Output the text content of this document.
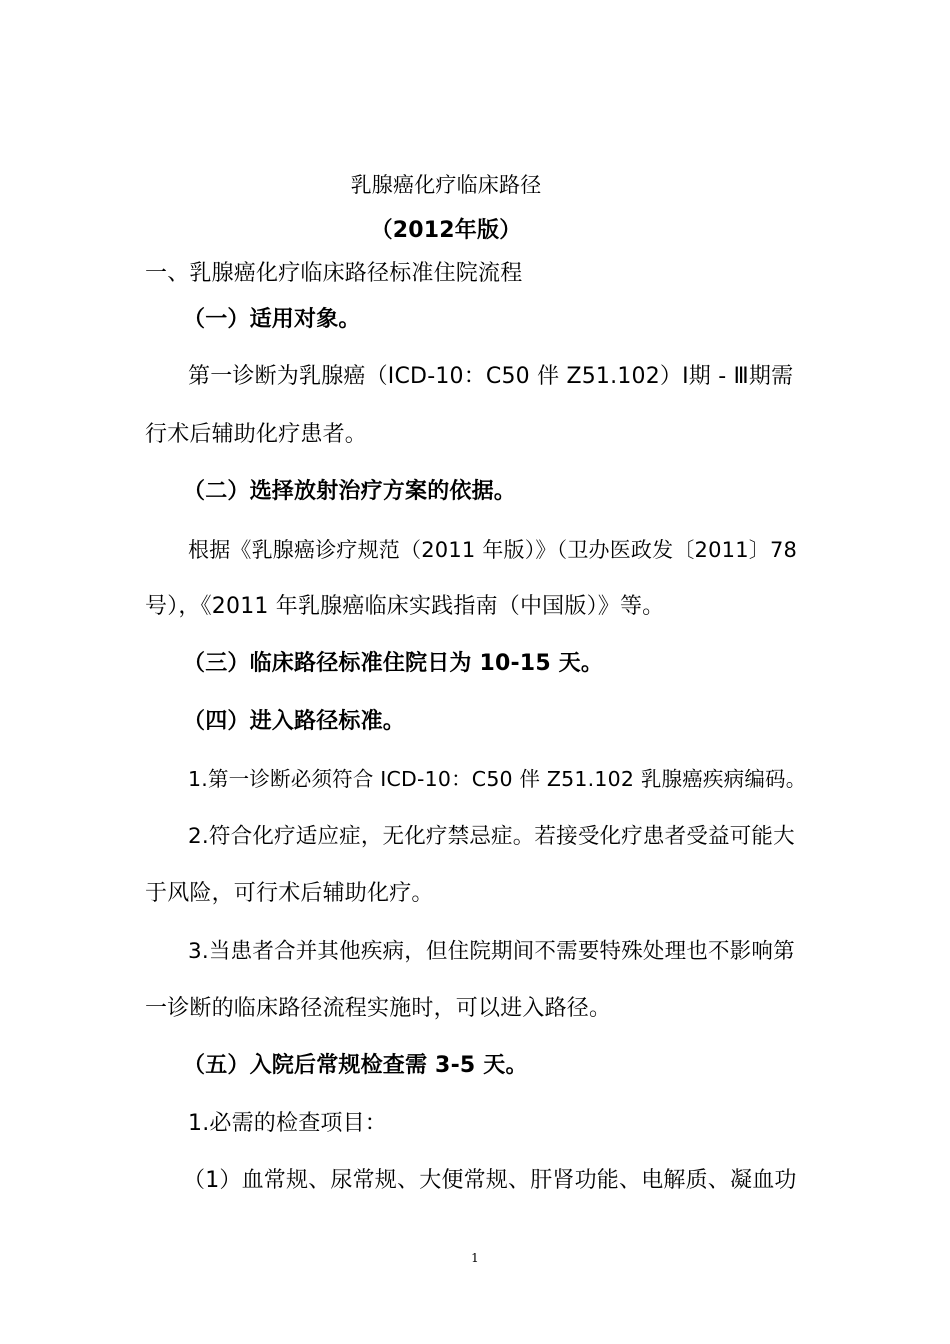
乳腺癌化疗临床路径
（2012年版）
一、乳腺癌化疗临床路径标准住院流程
（一）适用对象。
第一诊断为乳腺癌（ICD-10：C50 伴 Z51.102）Ⅰ期 - Ⅲ期需
行术后辅助化疗患者。
（二）选择放射治疗方案的依据。
根据《乳腺癌诊疗规范（2011 年版）》（卫办医政发〔2011〕78
号），《2011 年乳腺癌临床实践指南（中国版）》等。
（三）临床路径标准住院日为 10-15 天。
（四）进入路径标准。
1.第一诊断必须符合 ICD-10：C50 伴 Z51.102 乳腺癌疾病编码。
2.符合化疗适应症，无化疗禁忌症。若接受化疗患者受益可能大
于风险，可行术后辅助化疗。
3.当患者合并其他疾病，但住院期间不需要特殊处理也不影响第
一诊断的临床路径流程实施时，可以进入路径。
（五）入院后常规检查需 3-5 天。
1.必需的检查项目：
（1）血常规、尿常规、大便常规、肝肾功能、电解质、凝血功
1
